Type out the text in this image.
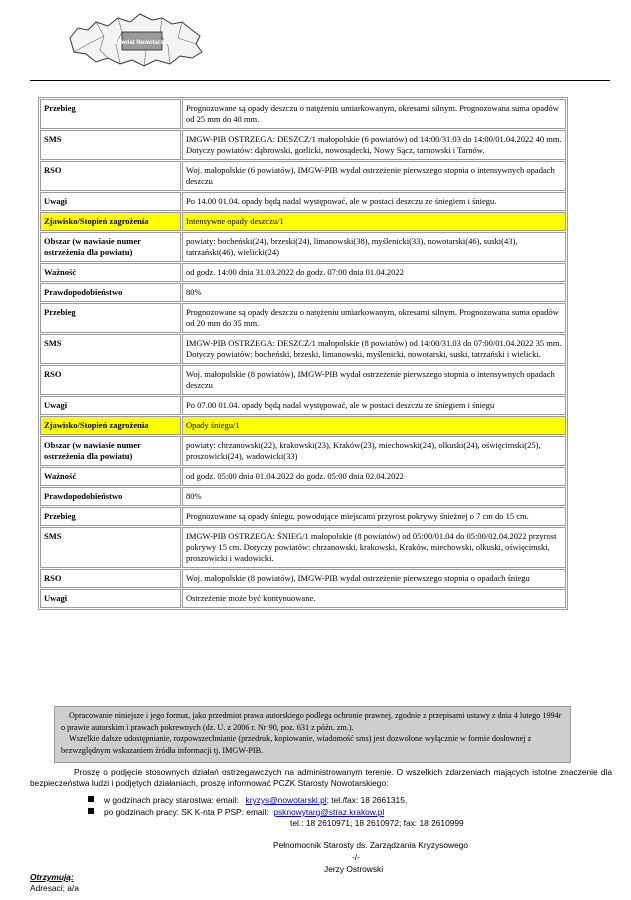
Powiat Nowotarski
Przebieg	Prognozowane są opady deszczu o natężeniu umiarkowanym, okresami silnym. Prognozowana suma opadów od 25 mm do 40 mm.
SMS	IMGW-PIB OSTRZEGA: DESZCZ/1 małopolskie (6 powiatów) od 14:00/31.03 do 14:00/01.04.2022 40 mm. Dotyczy powiatów: dąbrowski, gorlicki, nowosądecki, Nowy Sącz, tarnowski i Tarnów.
RSO	Woj. małopolskie (6 powiatów), IMGW-PIB wydał ostrzeżenie pierwszego stopnia o intensywnych opadach deszczu
Uwagi	Po 14.00 01.04. opady będą nadal występować, ale w postaci deszczu ze śniegiem i śniegu.
Zjawisko/Stopień zagrożenia	Intensywne opady deszczu/1
Obszar (w nawiasie numer ostrzeżenia dla powiatu)	powiaty: bocheński(24), brzeski(24), limanowski(38), myślenicki(33), nowotarski(46), suski(43), tatrzański(46), wielicki(24)
Ważność	od godz. 14:00 dnia 31.03.2022 do godz. 07:00 dnia 01.04.2022
Prawdopodobieństwo	80%
Przebieg	Prognozowane są opady deszczu o natężeniu umiarkowanym, okresami silnym. Prognozowana suma opadów od 20 mm do 35 mm.
SMS	IMGW-PIB OSTRZEGA: DESZCZ/1 małopolskie (8 powiatów) od 14:00/31.03 do 07:00/01.04.2022 35 mm. Dotyczy powiatów: bocheński, brzeski, limanowski, myślenicki, nowotarski, suski, tatrzański i wielicki.
RSO	Woj. małopolskie (8 powiatów), IMGW-PIB wydał ostrzeżenie pierwszego stopnia o intensywnych opadach deszczu
Uwagi	Po 07.00 01.04. opady będą nadal występować, ale w postaci deszczu ze śniegiem i śniegu
Zjawisko/Stopień zagrożenia	Opady śniegu/1
Obszar (w nawiasie numer ostrzeżenia dla powiatu)	powiaty: chrzanowski(22), krakowski(23), Kraków(23), miechowski(24), olkuski(24), oświęcimski(25), proszowicki(24), wadowicki(33)
Ważność	od godz. 05:00 dnia 01.04.2022 do godz. 05:00 dnia 02.04.2022
Prawdopodobieństwo	80%
Przebieg	Prognozowane są opady śniegu, powodujące miejscami przyrost pokrywy śnieżnej o 7 cm do 15 cm.
SMS	IMGW-PIB OSTRZEGA: ŚNIEG/1 małopolskie (8 powiatów) od 05:00/01.04 do 05:00/02.04.2022 przyrost pokrywy 15 cm. Dotyczy powiatów: chrzanowski, krakowski, Kraków, miechowski, olkuski, oświęcimski, proszowicki i wadowicki.
RSO	Woj. małopolskie (8 powiatów), IMGW-PIB wydał ostrzeżenie pierwszego stopnia o opadach śniegu
Uwagi	Ostrzeżenie może być kontynuowane.

Opracowanie niniejsze i jego format, jako przedmiot prawa autorskiego podlega ochronie prawnej, zgodnie z przepisami ustawy z dnia 4 lutego 1994r o prawie autorskim i prawach pokrewnych (dz. U. z 2006 r. Nr 90, poz. 631 z późn. zm.).

Wszelkie dalsze udostępnianie, rozpowszechnianie (przedruk, kopiowanie, wiadomość sms) jest dozwolone wyłącznie w formie dosłownej z bezwzględnym wskazaniem źródła informacji tj. IMGW-PIB.

Proszę o podjęcie stosownych działań ostrzegawczych na administrowanym terenie. O wszelkich zdarzeniach mających istotne znaczenie dla bezpieczeństwa ludzi i podjętych działaniach, proszę informować PCZK Starosty Nowotarskiego:

w godzinach pracy starostwa: email: kryzys@nowotarski.pl; tel./fax: 18 2661315,
po godzinach pracy: SK K-nta P PSP: email: psknowytarg@straz.krakow.pl
tel.: 18 2610971; 18 2610972; fax: 18 2610999
Pełnomocnik Starosty ds. Zarządzania Kryzysowego
-/-
Jerzy Ostrowski
Otrzymują:
Adresaci; a/a
